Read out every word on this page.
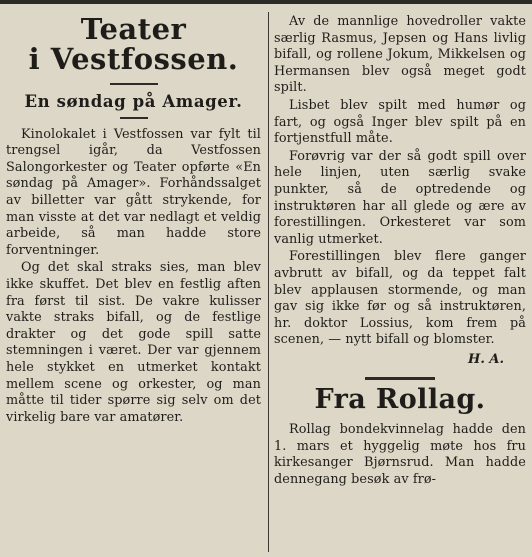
Teater
i Vestfossen.
En søndag på Amager.

Kinolokalet i Vestfossen var fylt til trengsel igår, da Vestfossen Salongorkester og Teater opførte «En søndag på Amager». Forhåndssalget av billetter var gått strykende, for man visste at det var nedlagt et veldig arbeide, så man hadde store forventninger.

Og det skal straks sies, man blev ikke skuffet. Det blev en festlig aften fra først til sist. De vakre kulisser vakte straks bifall, og de festlige drakter og det gode spill satte stemningen i været. Der var gjennem hele stykket en utmerket kontakt mellem scene og orkester, og man måtte til tider spørre sig selv om det virkelig bare var amatører.

Av de mannlige hovedroller vakte særlig Rasmus, Jepsen og Hans livlig bifall, og rollene Jokum, Mikkelsen og Hermansen blev også meget godt spilt.

Lisbet blev spilt med humør og fart, og også Inger blev spilt på en fortjenstfull måte.

Forøvrig var der så godt spill over hele linjen, uten særlig svake punkter, så de optredende og instruktøren har all glede og ære av forestillingen. Orkesteret var som vanlig utmerket.

Forestillingen blev flere ganger avbrutt av bifall, og da teppet falt blev applausen stormende, og man gav sig ikke før og så instruktøren, hr. doktor Lossius, kom frem på scenen, — nytt bifall og blomster.

H. A.
Fra Rollag.

Rollag bondekvinnelag hadde den 1. mars et hyggelig møte hos fru kirkesanger Bjørnsrud. Man hadde dennegang besøk av frø-
